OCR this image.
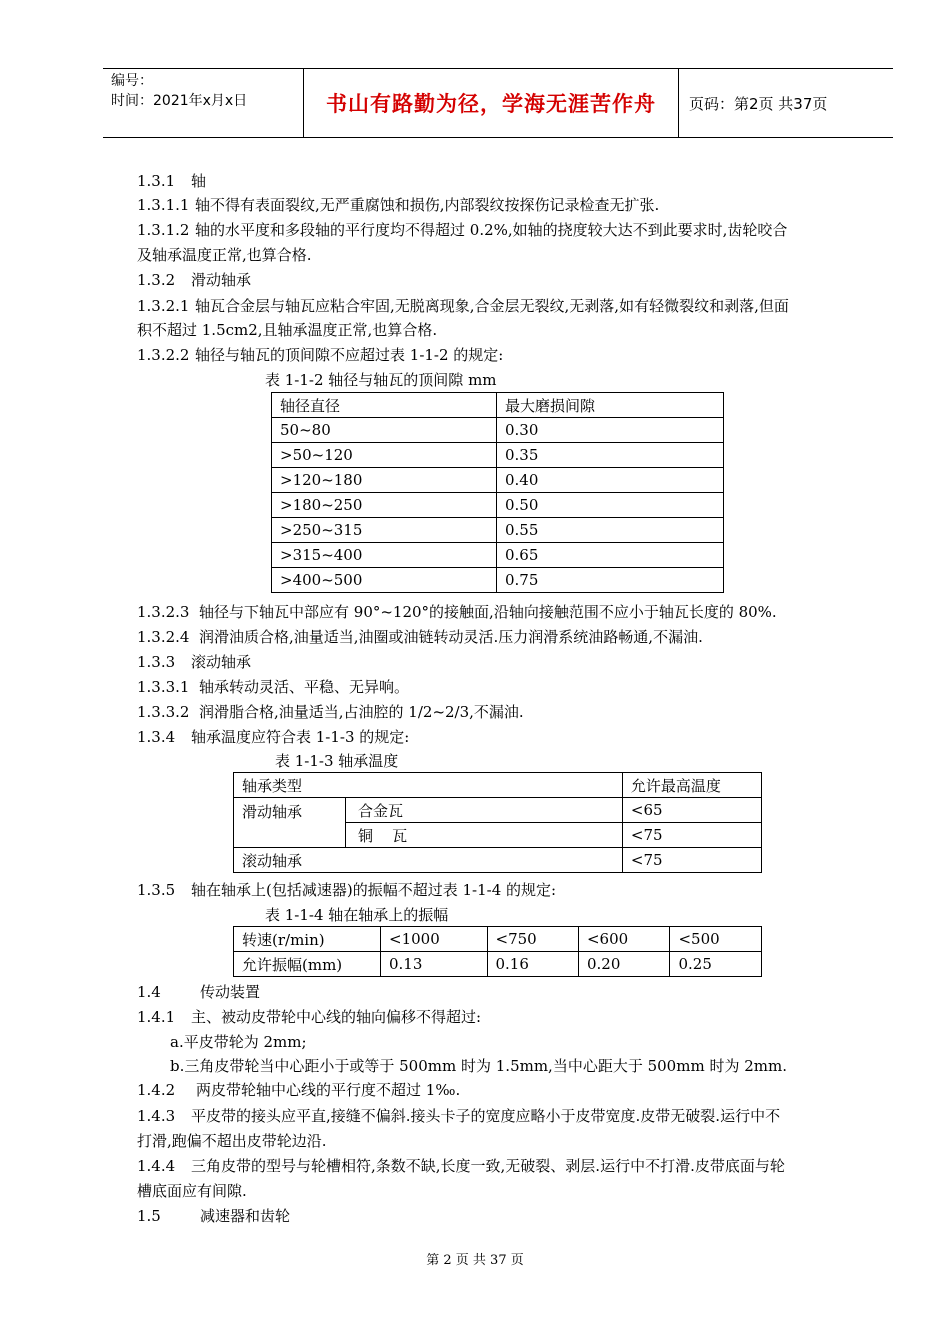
编号：
时间：2021年x月x日	书山有路勤为径，学海无涯苦作舟	页码：第2页 共37页
1.3.1 轴
1.3.1.1 轴不得有表面裂纹,无严重腐蚀和损伤,内部裂纹按探伤记录检查无扩张.
1.3.1.2 轴的水平度和多段轴的平行度均不得超过 0.2%,如轴的挠度较大达不到此要求时,齿轮咬合
及轴承温度正常,也算合格.
1.3.2 滑动轴承
1.3.2.1 轴瓦合金层与轴瓦应粘合牢固,无脱离现象,合金层无裂纹,无剥落,如有轻微裂纹和剥落,但面
积不超过 1.5cm2,且轴承温度正常,也算合格.
1.3.2.2 轴径与轴瓦的顶间隙不应超过表 1-1-2 的规定:
表 1-1-2 轴径与轴瓦的顶间隙 mm
轴径直径	最大磨损间隙
50~80	0.30
>50~120	0.35
>120~180	0.40
>180~250	0.50
>250~315	0.55
>315~400	0.65
>400~500	0.75
1.3.2.3 轴径与下轴瓦中部应有 90°~120°的接触面,沿轴向接触范围不应小于轴瓦长度的 80%.
1.3.2.4 润滑油质合格,油量适当,油圈或油链转动灵活.压力润滑系统油路畅通,不漏油.
1.3.3 滚动轴承
1.3.3.1 轴承转动灵活、平稳、无异响。
1.3.3.2 润滑脂合格,油量适当,占油腔的 1/2~2/3,不漏油.
1.3.4 轴承温度应符合表 1-1-3 的规定:
表 1-1-3 轴承温度
轴承类型		允许最高温度
滑动轴承	合金瓦	<65
	铜    瓦	<75
滚动轴承		<75
1.3.5 轴在轴承上(包括减速器)的振幅不超过表 1-1-4 的规定:
表 1-1-4 轴在轴承上的振幅
转速(r/min)	<1000	<750	<600	<500
允许振幅(mm)	0.13	0.16	0.20	0.25
1.4	传动装置
1.4.1 主、被动皮带轮中心线的轴向偏移不得超过:
a.平皮带轮为 2mm;
b.三角皮带轮当中心距小于或等于 500mm 时为 1.5mm,当中心距大于 500mm 时为 2mm.
1.4.2 两皮带轮轴中心线的平行度不超过 1‰.
1.4.3 平皮带的接头应平直,接缝不偏斜.接头卡子的宽度应略小于皮带宽度.皮带无破裂.运行中不
打滑,跑偏不超出皮带轮边沿.
1.4.4 三角皮带的型号与轮槽相符,条数不缺,长度一致,无破裂、剥层.运行中不打滑.皮带底面与轮
槽底面应有间隙.
1.5	减速器和齿轮
第 2 页 共 37 页
